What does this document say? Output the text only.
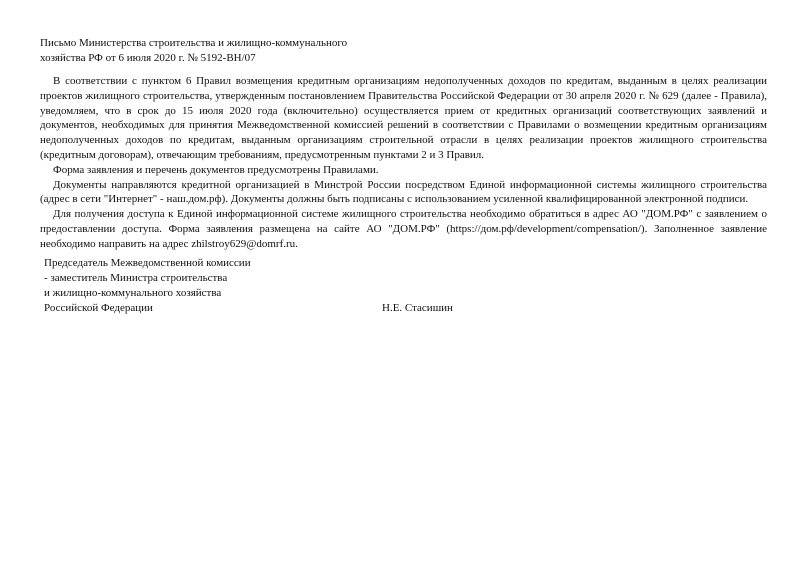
Письмо Министерства строительства и жилищно-коммунального
хозяйства РФ от 6 июля 2020 г. № 5192-ВН/07

В соответствии с пунктом 6 Правил возмещения кредитным организациям недополученных доходов по кредитам, выданным в целях реализации проектов жилищного строительства, утвержденным постановлением Правительства Российской Федерации от 30 апреля 2020 г. № 629 (далее - Правила), уведомляем, что в срок до 15 июля 2020 года (включительно) осуществляется прием от кредитных организаций соответствующих заявлений и документов, необходимых для принятия Межведомственной комиссией решений в соответствии с Правилами о возмещении кредитным организациям недополученных доходов по кредитам, выданным организациям строительной отрасли в целях реализации проектов жилищного строительства (кредитным договорам), отвечающим требованиям, предусмотренным пунктами 2 и 3 Правил.

Форма заявления и перечень документов предусмотрены Правилами.

Документы направляются кредитной организацией в Минстрой России посредством Единой информационной системы жилищного строительства (адрес в сети "Интернет" - наш.дом.рф). Документы должны быть подписаны с использованием усиленной квалифицированной электронной подписи.

Для получения доступа к Единой информационной системе жилищного строительства необходимо обратиться в адрес АО "ДОМ.РФ" с заявлением о предоставлении доступа. Форма заявления размещена на сайте АО "ДОМ.РФ" (https://дом.рф/development/compensation/). Заполненное заявление необходимо направить на адрес zhilstroy629@domrf.ru.

Председатель Межведомственной комиссии
- заместитель Министра строительства
и жилищно-коммунального хозяйства
Российской Федерации	Н.Е. Стасишин
